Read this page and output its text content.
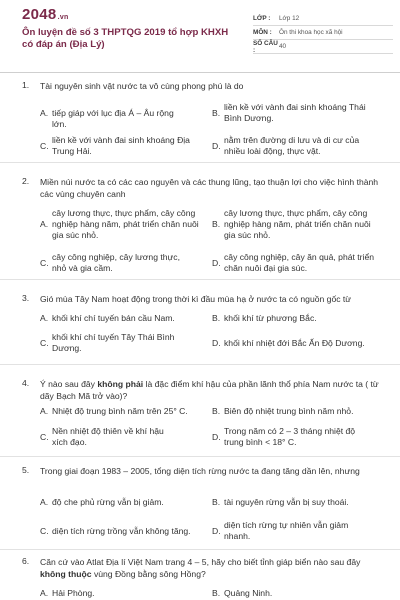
2048.vn
Ôn luyện đề số 3 THPTQG 2019 tổ hợp KHXH có đáp án (Địa Lý)
LỚP :	Lớp 12
MÔN :	Ôn thi khoa học xã hội
SỐ CÂU :	40
1. Tài nguyên sinh vật nước ta vô cùng phong phú là do
A. tiếp giáp với lục địa Á – Âu rộng lớn.
B.
liền kề với vành đai sinh khoáng Thái Bình Dương.
C.
liền kề với vành đai sinh khoáng Địa Trung Hải.	D.
nằm trên đường di lưu và di cư của nhiều loài động, thực vật.
2. Miền núi nước ta có các cao nguyên và các thung lũng, tạo thuận lợi cho việc hình thành các vùng chuyên canh
A.
cây lương thực, thực phẩm, cây công nghiệp hàng năm, phát triển chăn nuôi gia súc nhỏ.
B.
cây lương thực, thực phẩm, cây công nghiệp hàng năm, phát triển chăn nuôi gia súc nhỏ.
C.
cây công nghiệp, cây lương thực, nhỏ và gia cầm.	D.
cây công nghiệp, cây ăn quả, phát triển chăn nuôi đại gia súc.
3. Gió mùa Tây Nam hoạt động trong thời kì đầu mùa hạ ở nước ta có nguồn gốc từ
A. khối khí chí tuyến bán cầu Nam.	B. khối khí từ phương Bắc.
C.
khối khí chí tuyến Tây Thái Bình Dương.	D. khối khí nhiệt đới Bắc Ấn Độ Dương.
4. Ý nào sau đây không phải là đặc điểm khí hậu của phần lãnh thổ phía Nam nước ta ( từ dãy Bạch Mã trở vào)?
A. Nhiệt độ trung bình năm trên 25° C.	B. Biên độ nhiệt trung bình năm nhỏ.
C.
Nền nhiệt độ thiên về khí hậu xích đạo.	D.
Trong năm có 2 – 3 tháng nhiệt độ trung bình < 18° C.
5. Trong giai đoạn 1983 – 2005, tổng diện tích rừng nước ta đang tăng dần lên, nhưng
A. độ che phủ rừng vẫn bị giảm.	B. tài nguyên rừng vẫn bị suy thoái.
C. diện tích rừng trồng vẫn không tăng.	D.
diện tích rừng tự nhiên vẫn giảm nhanh.
6. Căn cứ vào Atlat Địa lí Việt Nam trang 4 – 5, hãy cho biết tỉnh giáp biển nào sau đây không thuộc vùng Đồng bằng sông Hồng?
A. Hải Phòng.	B. Quảng Ninh.
